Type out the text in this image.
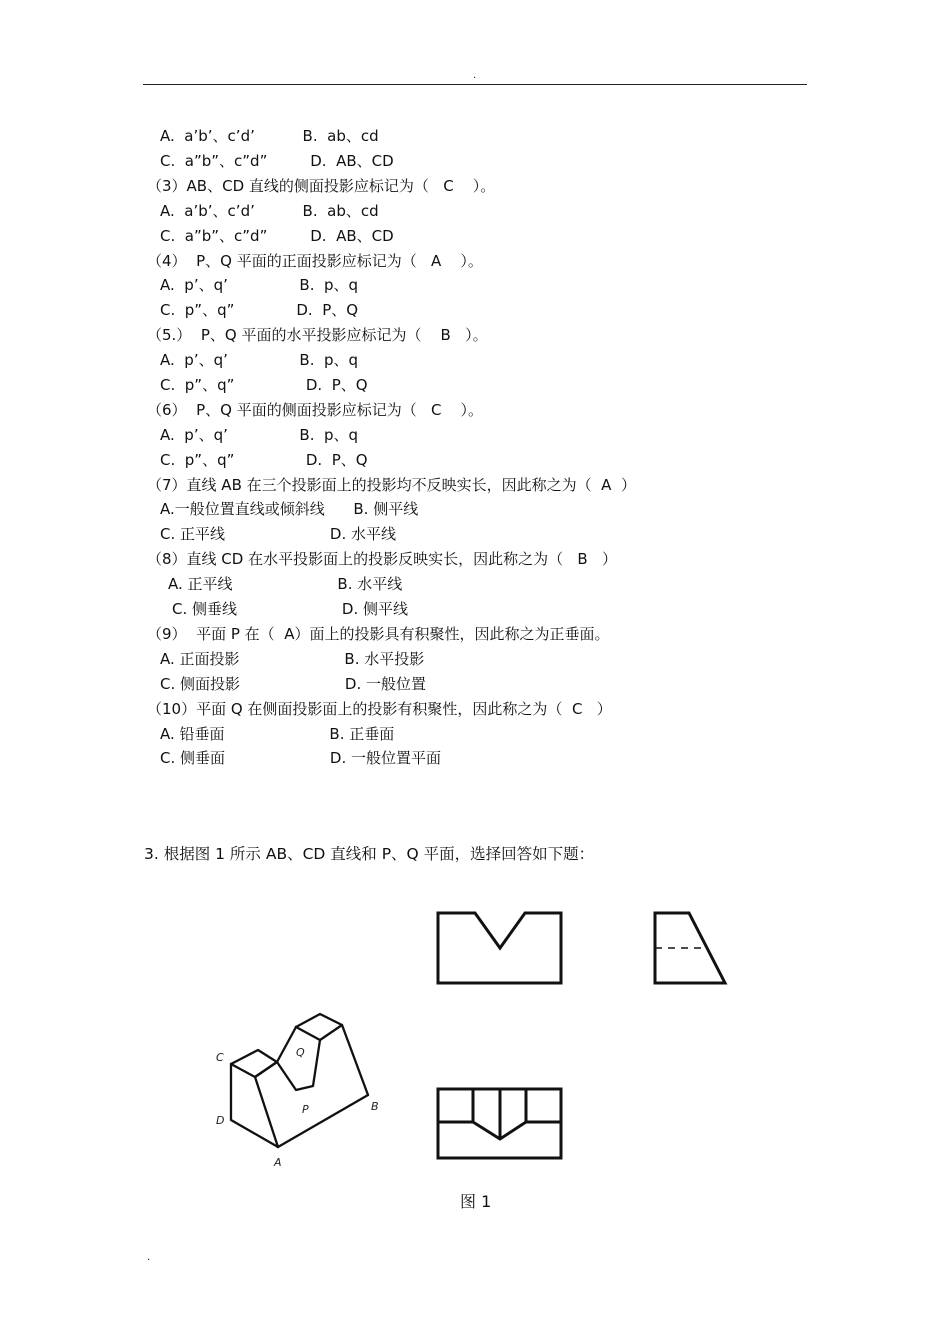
.
A.  a’b’、c’d’          B.  ab、cd
C.  a”b”、c”d”         D.  AB、CD
（3）AB、CD 直线的侧面投影应标记为（   C    ）。
A.  a’b’、c’d’          B.  ab、cd
C.  a”b”、c”d”         D.  AB、CD
（4）  P、Q 平面的正面投影应标记为（   A    ）。
A.  p’、q’               B.  p、q
C.  p”、q”             D.  P、Q
（5.）  P、Q 平面的水平投影应标记为（    B   ）。
A.  p’、q’               B.  p、q
C.  p”、q”               D.  P、Q
（6）  P、Q 平面的侧面投影应标记为（   C    ）。
A.  p’、q’               B.  p、q
C.  p”、q”               D.  P、Q
（7）直线 AB 在三个投影面上的投影均不反映实长，因此称之为（  A  ）
A.一般位置直线或倾斜线      B. 侧平线
C. 正平线                      D. 水平线
（8）直线 CD 在水平投影面上的投影反映实长，因此称之为（   B   ）
A. 正平线                      B. 水平线
C. 侧垂线                      D. 侧平线
（9）  平面 P 在（  A）面上的投影具有积聚性，因此称之为正垂面。
A. 正面投影                      B. 水平投影
C. 侧面投影                      D. 一般位置
（10）平面 Q 在侧面投影面上的投影有积聚性，因此称之为（  C   ）
A. 铅垂面                      B. 正垂面
C. 侧垂面                      D. 一般位置平面
3. 根据图 1 所示 AB、CD 直线和 P、Q 平面，选择回答如下题：
C
D
A
B
P
Q
图 1
.
